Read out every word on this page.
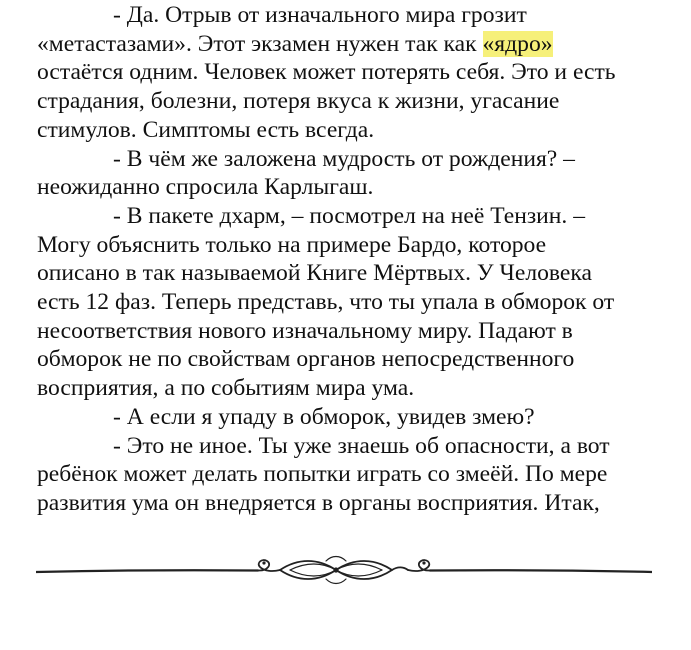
- Да. Отрыв от изначального мира грозит
«метастазами». Этот экзамен нужен так как «ядро»
остаётся одним. Человек может потерять себя. Это и есть
страдания, болезни, потеря вкуса к жизни, угасание
стимулов. Симптомы есть всегда.

- В чём же заложена мудрость от рождения? –
неожиданно спросила Карлыгаш.

- В пакете дхарм, – посмотрел на неё Тензин. –
Могу объяснить только на примере Бардо, которое
описано в так называемой Книге Мёртвых. У Человека
есть 12 фаз. Теперь представь, что ты упала в обморок от
несоответствия нового изначальному миру. Падают в
обморок не по свойствам органов непосредственного
восприятия, а по событиям мира ума.

- А если я упаду в обморок, увидев змею?

- Это не иное. Ты уже знаешь об опасности, а вот
ребёнок может делать попытки играть со змеёй. По мере
развития ума он внедряется в органы восприятия. Итак,
